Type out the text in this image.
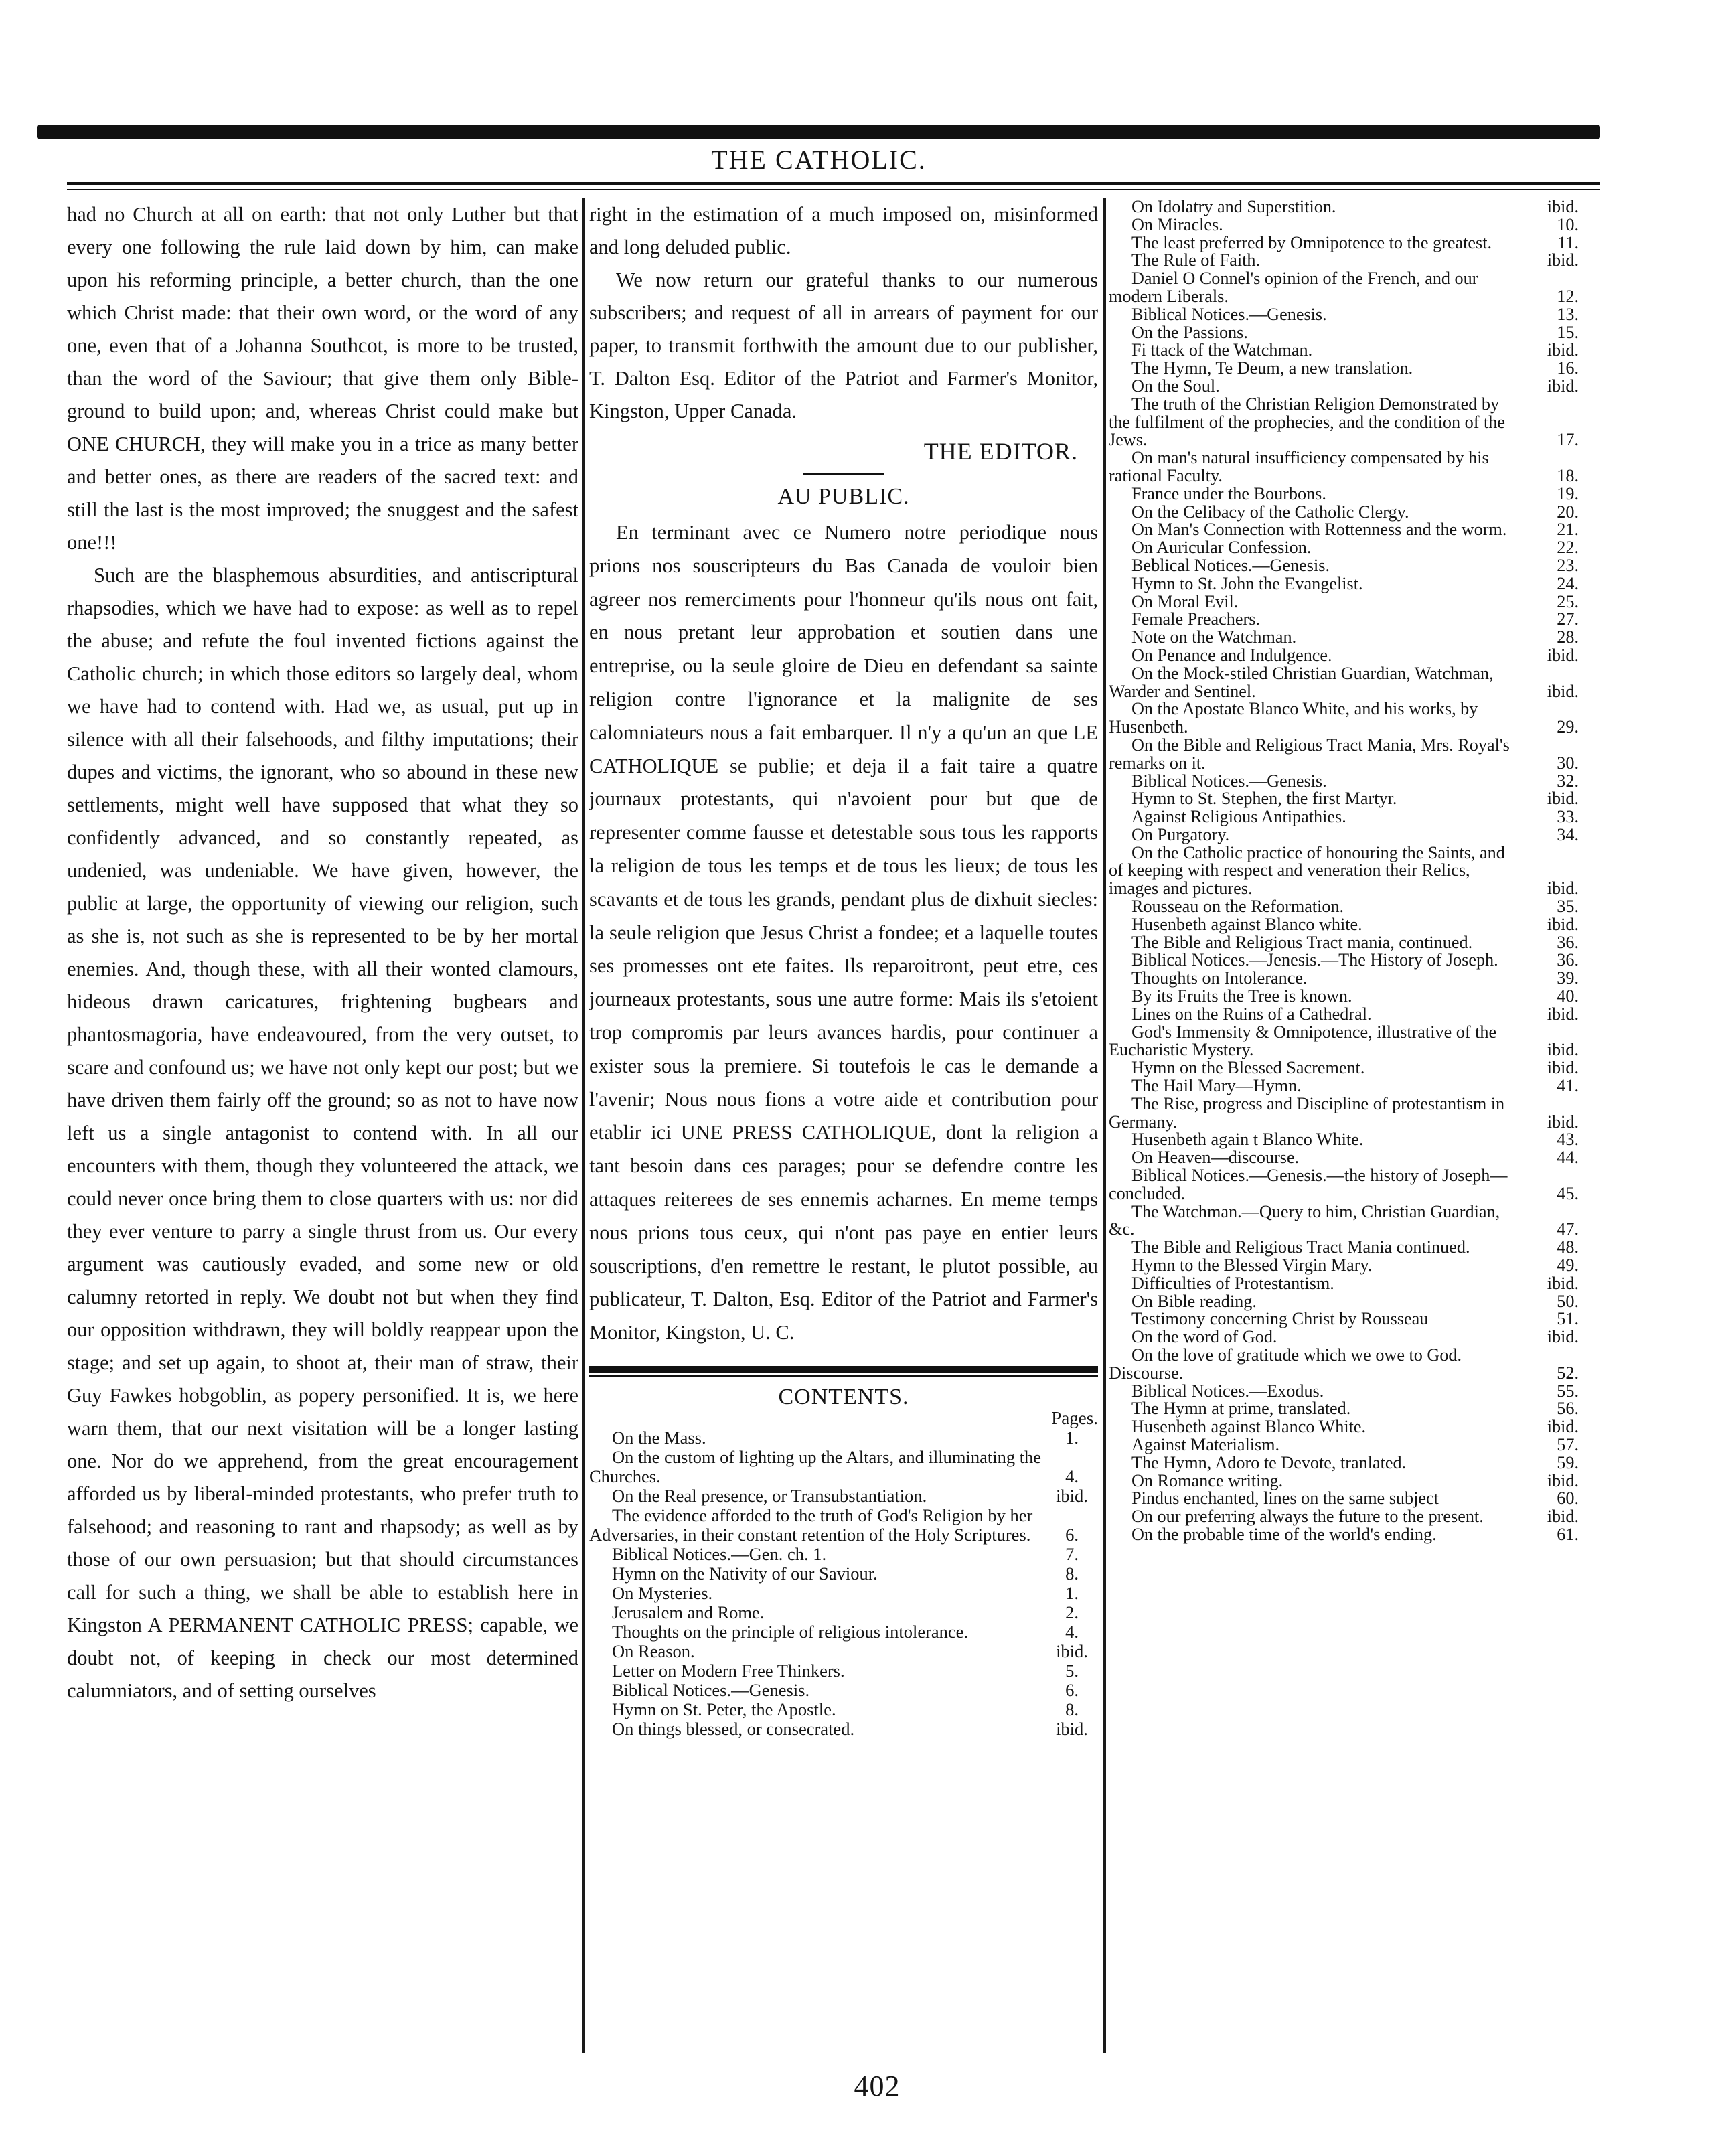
THE CATHOLIC.

had no Church at all on earth: that not only Luther but that every one following the rule laid down by him, can make upon his reforming principle, a better church, than the one which Christ made: that their own word, or the word of any one, even that of a Johanna Southcot, is more to be trusted, than the word of the Saviour; that give them only Bible-ground to build upon; and, whereas Christ could make but ONE CHURCH, they will make you in a trice as many better and better ones, as there are readers of the sacred text: and still the last is the most improved; the snuggest and the safest one!!!

Such are the blasphemous absurdities, and antiscriptural rhapsodies, which we have had to expose: as well as to repel the abuse; and refute the foul invented fictions against the Catholic church; in which those editors so largely deal, whom we have had to contend with. Had we, as usual, put up in silence with all their falsehoods, and filthy imputations; their dupes and victims, the ignorant, who so abound in these new settlements, might well have supposed that what they so confidently advanced, and so constantly repeated, as undenied, was undeniable. We have given, however, the public at large, the opportunity of viewing our religion, such as she is, not such as she is represented to be by her mortal enemies. And, though these, with all their wonted clamours, hideous drawn caricatures, frightening bugbears and phantosmagoria, have endeavoured, from the very outset, to scare and confound us; we have not only kept our post; but we have driven them fairly off the ground; so as not to have now left us a single antagonist to contend with. In all our encounters with them, though they volunteered the attack, we could never once bring them to close quarters with us: nor did they ever venture to parry a single thrust from us. Our every argument was cautiously evaded, and some new or old calumny retorted in reply. We doubt not but when they find our opposition withdrawn, they will boldly reappear upon the stage; and set up again, to shoot at, their man of straw, their Guy Fawkes hobgoblin, as popery personified. It is, we here warn them, that our next visitation will be a longer lasting one. Nor do we apprehend, from the great encouragement afforded us by liberal-minded protestants, who prefer truth to falsehood; and reasoning to rant and rhapsody; as well as by those of our own persuasion; but that should circumstances call for such a thing, we shall be able to establish here in Kingston A PERMANENT CATHOLIC PRESS; capable, we doubt not, of keeping in check our most determined calumniators, and of setting ourselves

right in the estimation of a much imposed on, misinformed and long deluded public.

We now return our grateful thanks to our numerous subscribers; and request of all in arrears of payment for our paper, to transmit forthwith the amount due to our publisher, T. Dalton Esq. Editor of the Patriot and Farmer's Monitor, Kingston, Upper Canada.

THE EDITOR.
AU PUBLIC.

En terminant avec ce Numero notre periodique nous prions nos souscripteurs du Bas Canada de vouloir bien agreer nos remerciments pour l'honneur qu'ils nous ont fait, en nous pretant leur approbation et soutien dans une entreprise, ou la seule gloire de Dieu en defendant sa sainte religion contre l'ignorance et la malignite de ses calomniateurs nous a fait embarquer. Il n'y a qu'un an que LE CATHOLIQUE se publie; et deja il a fait taire a quatre journaux protestants, qui n'avoient pour but que de representer comme fausse et detestable sous tous les rapports la religion de tous les temps et de tous les lieux; de tous les scavants et de tous les grands, pendant plus de dixhuit siecles: la seule religion que Jesus Christ a fondee; et a laquelle toutes ses promesses ont ete faites. Ils reparoitront, peut etre, ces journeaux protestants, sous une autre forme: Mais ils s'etoient trop compromis par leurs avances hardis, pour continuer a exister sous la premiere. Si toutefois le cas le demande a l'avenir; Nous nous fions a votre aide et contribution pour etablir ici UNE PRESS CATHOLIQUE, dont la religion a tant besoin dans ces parages; pour se defendre contre les attaques reiterees de ses ennemis acharnes. En meme temps nous prions tous ceux, qui n'ont pas paye en entier leurs souscriptions, d'en remettre le restant, le plutot possible, au publicateur, T. Dalton, Esq. Editor of the Patriot and Farmer's Monitor, Kingston, U. C.

CONTENTS.
Pages.
On the Mass.	1.
On the custom of lighting up the Altars, and illuminating the Churches.	4.
On the Real presence, or Transubstantiation.	ibid.
The evidence afforded to the truth of God's Religion by her Adversaries, in their constant retention of the Holy Scriptures.	6.
Biblical Notices.—Gen. ch. 1.	7.
Hymn on the Nativity of our Saviour.	8.
On Mysteries.	1.
Jerusalem and Rome.	2.
Thoughts on the principle of religious intolerance.	4.
On Reason.	ibid.
Letter on Modern Free Thinkers.	5.
Biblical Notices.—Genesis.	6.
Hymn on St. Peter, the Apostle.	8.
On things blessed, or consecrated.	ibid.
On Idolatry and Superstition.	ibid.
On Miracles.	10.
The least preferred by Omnipotence to the greatest.	11.
The Rule of Faith.	ibid.
Daniel O Connel's opinion of the French, and our modern Liberals.	12.
Biblical Notices.—Genesis.	13.
On the Passions.	15.
Fi ttack of the Watchman.	ibid.
The Hymn, Te Deum, a new translation.	16.
On the Soul.	ibid.
The truth of the Christian Religion Demonstrated by the fulfilment of the prophecies, and the condition of the Jews.	17.
On man's natural insufficiency compensated by his rational Faculty.	18.
France under the Bourbons.	19.
On the Celibacy of the Catholic Clergy.	20.
On Man's Connection with Rottenness and the worm.	21.
On Auricular Confession.	22.
Beblical Notices.—Genesis.	23.
Hymn to St. John the Evangelist.	24.
On Moral Evil.	25.
Female Preachers.	27.
Note on the Watchman.	28.
On Penance and Indulgence.	ibid.
On the Mock-stiled Christian Guardian, Watchman, Warder and Sentinel.	ibid.
On the Apostate Blanco White, and his works, by Husenbeth.	29.
On the Bible and Religious Tract Mania, Mrs. Royal's remarks on it.	30.
Biblical Notices.—Genesis.	32.
Hymn to St. Stephen, the first Martyr.	ibid.
Against Religious Antipathies.	33.
On Purgatory.	34.
On the Catholic practice of honouring the Saints, and of keeping with respect and veneration their Relics, images and pictures.	ibid.
Rousseau on the Reformation.	35.
Husenbeth against Blanco white.	ibid.
The Bible and Religious Tract mania, continued.	36.
Biblical Notices.—Jenesis.—The History of Joseph.	36.
Thoughts on Intolerance.	39.
By its Fruits the Tree is known.	40.
Lines on the Ruins of a Cathedral.	ibid.
God's Immensity & Omnipotence, illustrative of the Eucharistic Mystery.	ibid.
Hymn on the Blessed Sacrement.	ibid.
The Hail Mary—Hymn.	41.
The Rise, progress and Discipline of protestantism in Germany.	ibid.
Husenbeth again t Blanco White.	43.
On Heaven—discourse.	44.
Biblical Notices.—Genesis.—the history of Joseph—concluded.	45.
The Watchman.—Query to him, Christian Guardian, &c.	47.
The Bible and Religious Tract Mania continued.	48.
Hymn to the Blessed Virgin Mary.	49.
Difficulties of Protestantism.	ibid.
On Bible reading.	50.
Testimony concerning Christ by Rousseau	51.
On the word of God.	ibid.
On the love of gratitude which we owe to God. Discourse.	52.
Biblical Notices.—Exodus.	55.
The Hymn at prime, translated.	56.
Husenbeth against Blanco White.	ibid.
Against Materialism.	57.
The Hymn, Adoro te Devote, tranlated.	59.
On Romance writing.	ibid.
Pindus enchanted, lines on the same subject	60.
On our preferring always the future to the present.	ibid.
On the probable time of the world's ending.	61.
402
